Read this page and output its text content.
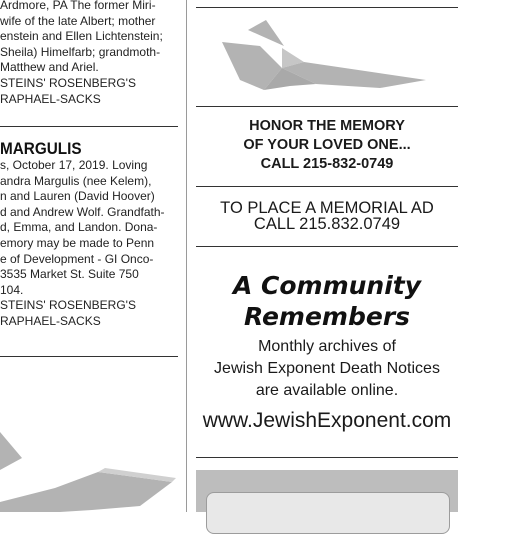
Ardmore, PA The former Miri-
wife of the late Albert; mother
enstein and Ellen Lichtenstein;
Sheila) Himelfarb; grandmoth-
Matthew and Ariel.
STEINS' ROSENBERG'S
RAPHAEL-SACKS
MARGULIS
s, October 17, 2019. Loving
andra Margulis (nee Kelem),
n and Lauren (David Hoover)
d and Andrew Wolf. Grandfath-
d, Emma, and Landon. Dona-
emory may be made to Penn
e of Development - GI Onco-
3535 Market St. Suite 750
104.
STEINS' ROSENBERG'S
RAPHAEL-SACKS
HONOR THE MEMORY
OF YOUR LOVED ONE...
CALL 215-832-0749
TO PLACE A MEMORIAL AD
CALL 215.832.0749
A Community
Remembers
Monthly archives of
Jewish Exponent Death Notices
are available online.
www.JewishExponent.com
